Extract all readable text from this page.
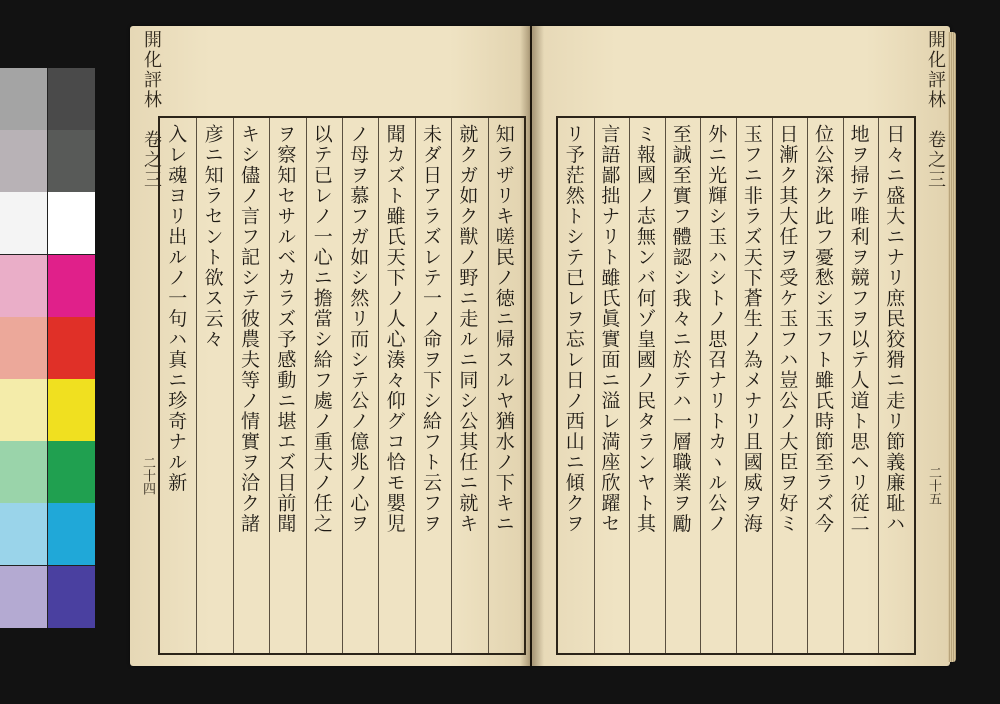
開化評林卷之三
二十四	知ラザリキ嗟民ノ徳ニ帰スルヤ猶水ノ下キニ
就クガ如ク獣ノ野ニ走ルニ同シ公其任ニ就キ
未ダ日アラズレテ一ノ命ヲ下シ給フト云フヲ
聞カズト雖氏天下ノ人心湊々仰グコ恰モ嬰児
ノ母ヲ慕フガ如シ然リ而シテ公ノ億兆ノ心ヲ
以テ已レノ一心ニ擔當シ給フ處ノ重大ノ任之
ヲ察知セサルベカラズ予感動ニ堪エズ目前聞
キシ儘ノ言フ記シテ彼農夫等ノ情實ヲ洽ク諸
彦ニ知ラセント欲ス云々
入レ魂ヨリ出ルノ一句ハ真ニ珍奇ナル新
開化評林卷之三
二十五
日々ニ盛大ニナリ庶民狡猾ニ走リ節義廉耻ハ
地ヲ掃テ唯利ヲ競フヲ以テ人道ト思ヘリ従二
位公深ク此フ憂愁シ玉フト雖氏時節至ラズ今
日漸ク其大任ヲ受ケ玉フハ豈公ノ大臣ヲ好ミ
玉フニ非ラズ天下蒼生ノ為メナリ且國威ヲ海
外ニ光輝シ玉ハシトノ思召ナリトカヽル公ノ
至誠至實フ體認シ我々ニ於テハ一層職業ヲ勵
ミ報國ノ志無ンバ何ゾ皇國ノ民タランヤト其
言語鄙拙ナリト雖氏眞實面ニ溢レ満座欣躍セ
リ予茫然トシテ已レヲ忘レ日ノ西山ニ傾クヲ
